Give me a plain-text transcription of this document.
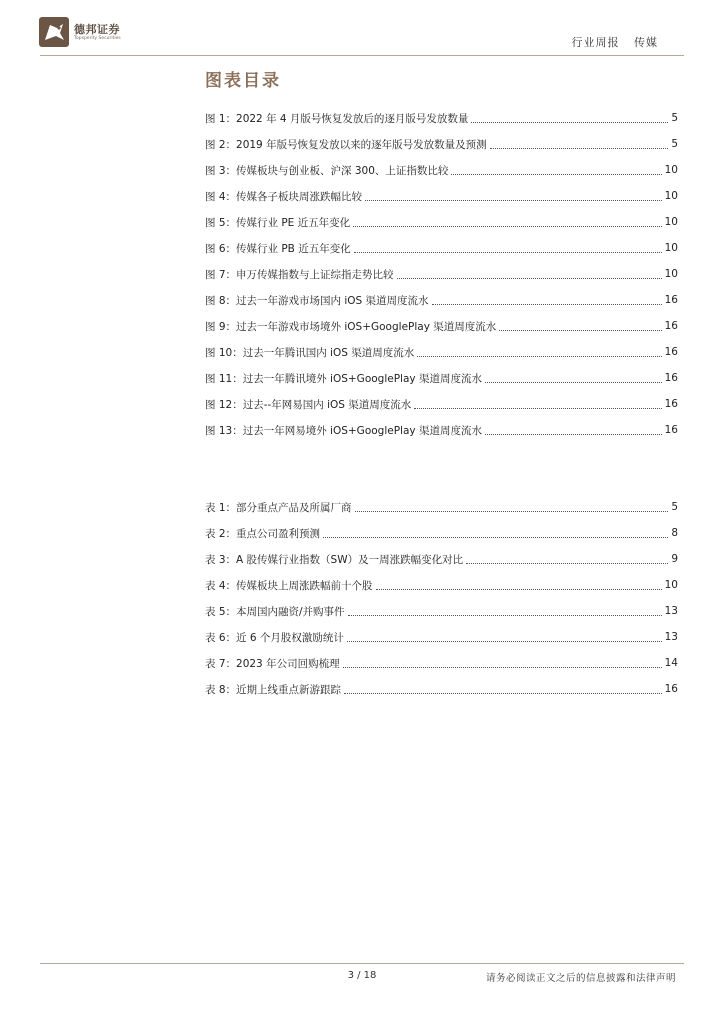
德邦证券
Topsperity Securities	行业周报 传媒
图表目录
图 1：2022 年 4 月版号恢复发放后的逐月版号发放数量	5
图 2：2019 年版号恢复发放以来的逐年版号发放数量及预测	5
图 3：传媒板块与创业板、沪深 300、上证指数比较	10
图 4：传媒各子板块周涨跌幅比较	10
图 5：传媒行业 PE 近五年变化	10
图 6：传媒行业 PB 近五年变化	10
图 7：申万传媒指数与上证综指走势比较	10
图 8：过去一年游戏市场国内 iOS 渠道周度流水	16
图 9：过去一年游戏市场境外 iOS+GooglePlay 渠道周度流水	16
图 10：过去一年腾讯国内 iOS 渠道周度流水	16
图 11：过去一年腾讯境外 iOS+GooglePlay 渠道周度流水	16
图 12：过去--年网易国内 iOS 渠道周度流水	16
图 13：过去一年网易境外 iOS+GooglePlay 渠道周度流水	16
表 1：部分重点产品及所属厂商	5
表 2：重点公司盈利预测	8
表 3：A 股传媒行业指数（SW）及一周涨跌幅变化对比	9
表 4：传媒板块上周涨跌幅前十个股	10
表 5：本周国内融资/并购事件	13
表 6：近 6 个月股权激励统计	13
表 7：2023 年公司回购梳理	14
表 8：近期上线重点新游跟踪	16
3 / 18	请务必阅读正文之后的信息披露和法律声明
